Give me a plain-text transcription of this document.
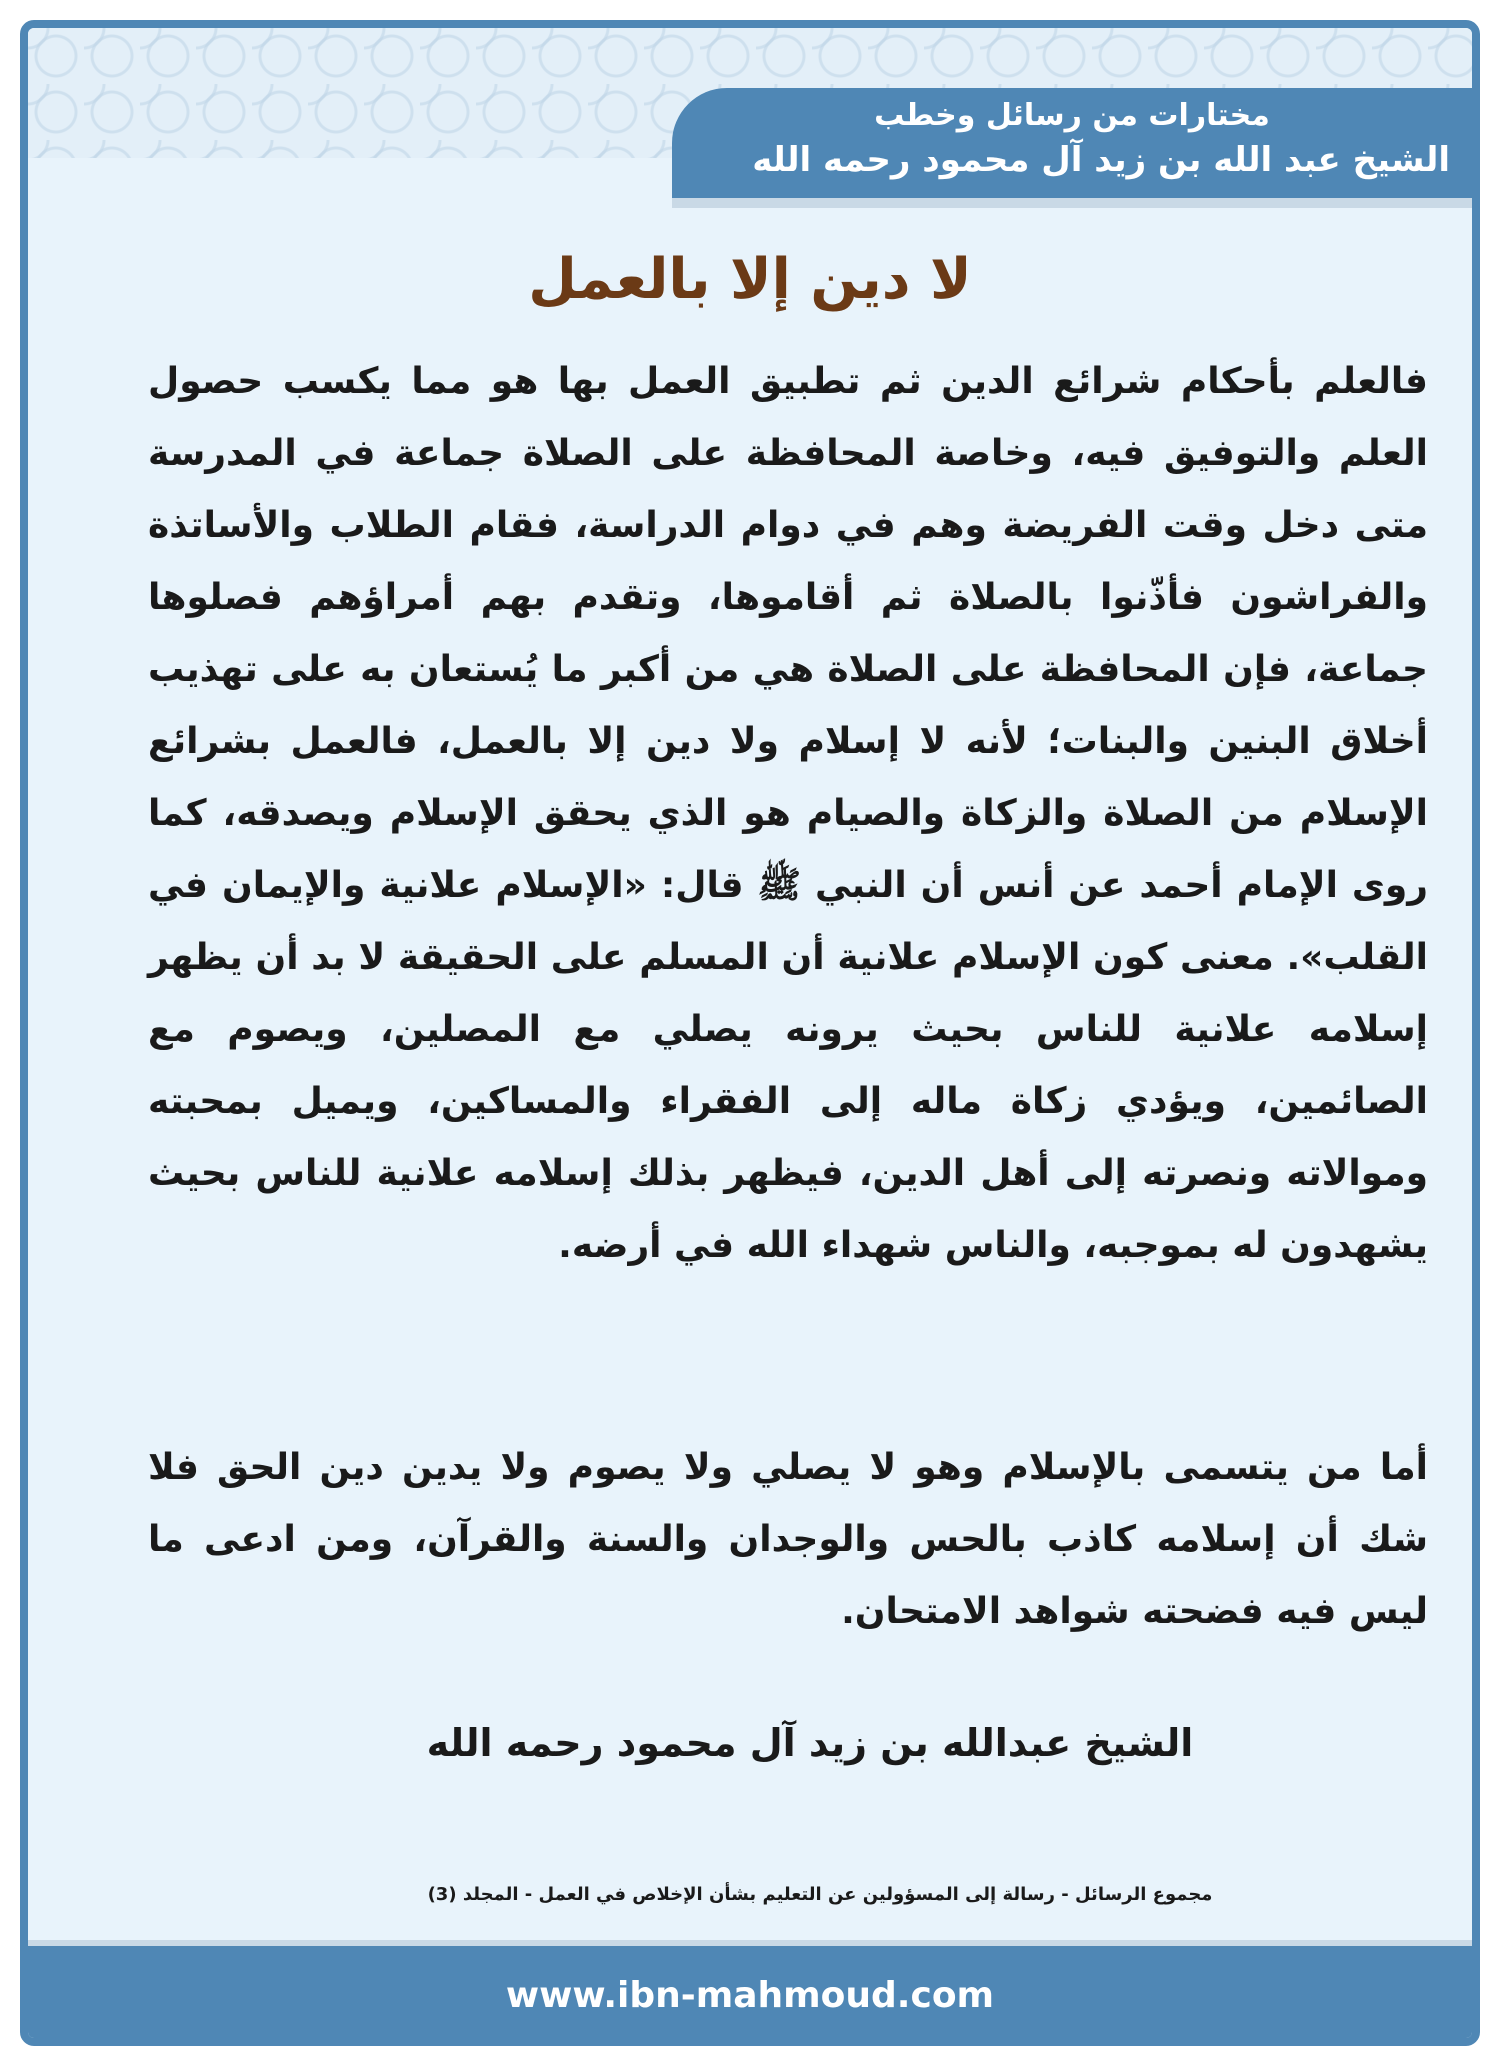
مختارات من رسائل وخطب
الشيخ عبد الله بن زيد آل محمود رحمه الله
لا دين إلا بالعمل

فالعلم بأحكام شرائع الدين ثم تطبيق العمل بها هو مما يكسب حصول العلم والتوفيق فيه، وخاصة المحافظة على الصلاة جماعة في المدرسة متى دخل وقت الفريضة وهم في دوام الدراسة، فقام الطلاب والأساتذة والفراشون فأذّنوا بالصلاة ثم أقاموها، وتقدم بهم أمراؤهم فصلوها جماعة، فإن المحافظة على الصلاة هي من أكبر ما يُستعان به على تهذيب أخلاق البنين والبنات؛ لأنه لا إسلام ولا دين إلا بالعمل، فالعمل بشرائع الإسلام من الصلاة والزكاة والصيام هو الذي يحقق الإسلام ويصدقه، كما روى الإمام أحمد عن أنس أن النبي ﷺ قال: «الإسلام علانية والإيمان في القلب». معنى كون الإسلام علانية أن المسلم على الحقيقة لا بد أن يظهر إسلامه علانية للناس بحيث يرونه يصلي مع المصلين، ويصوم مع الصائمين، ويؤدي زكاة ماله إلى الفقراء والمساكين، ويميل بمحبته وموالاته ونصرته إلى أهل الدين، فيظهر بذلك إسلامه علانية للناس بحيث يشهدون له بموجبه، والناس شهداء الله في أرضه.

أما من يتسمى بالإسلام وهو لا يصلي ولا يصوم ولا يدين دين الحق فلا شك أن إسلامه كاذب بالحس والوجدان والسنة والقرآن، ومن ادعى ما ليس فيه فضحته شواهد الامتحان.

الشيخ عبدالله بن زيد آل محمود رحمه الله
مجموع الرسائل - رسالة إلى المسؤولين عن التعليم بشأن الإخلاص في العمل - المجلد (3)
www.ibn-mahmoud.com
